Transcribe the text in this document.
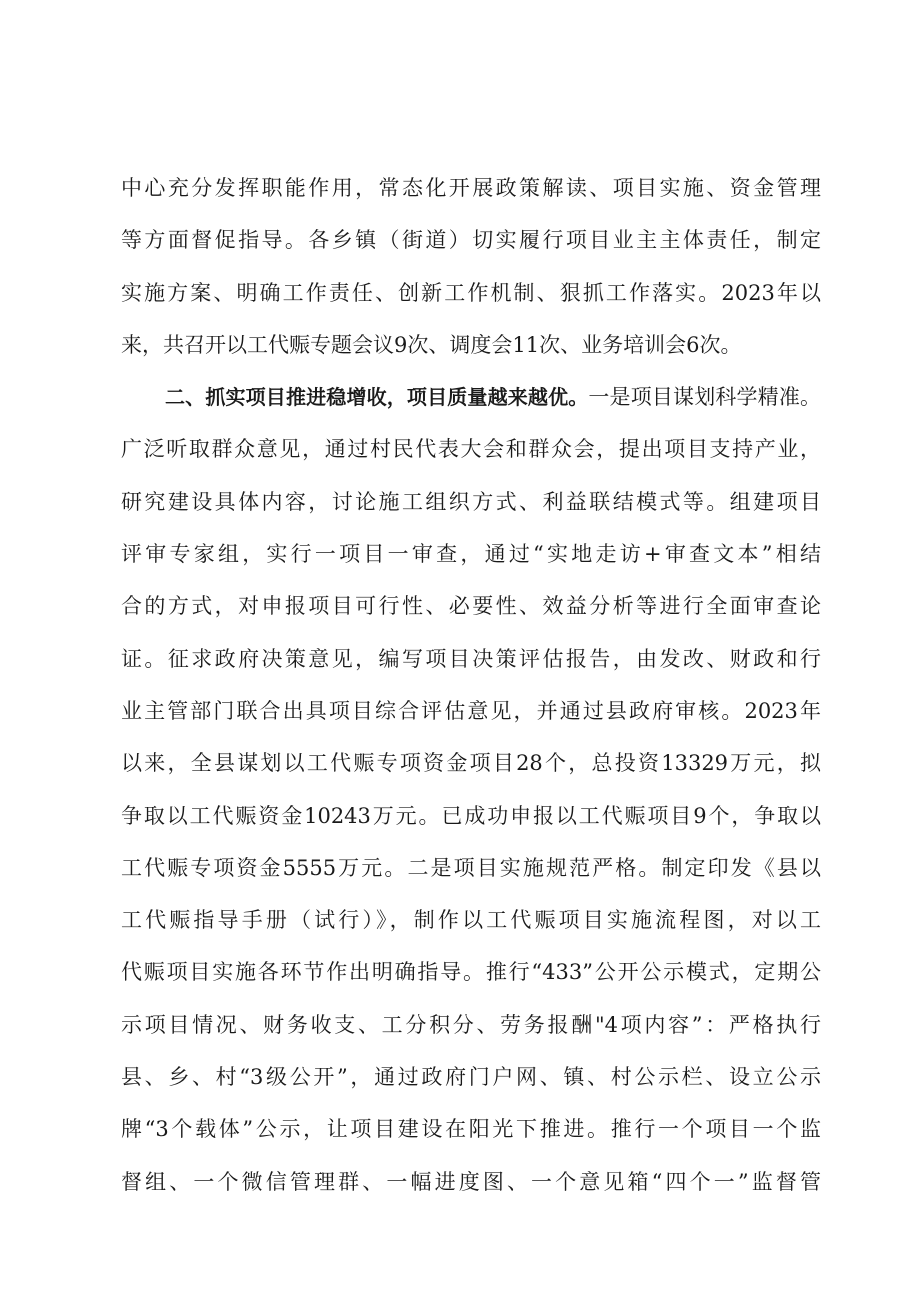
中心充分发挥职能作用，常态化开展政策解读、项目实施、资金管理
等方面督促指导。各乡镇（街道）切实履行项目业主主体责任，制定
实施方案、明确工作责任、创新工作机制、狠抓工作落实。2023年以
来，共召开以工代赈专题会议9次、调度会11次、业务培训会6次。
二、抓实项目推进稳增收，项目质量越来越优。一是项目谋划科学精准。
广泛听取群众意见，通过村民代表大会和群众会，提出项目支持产业，
研究建设具体内容，讨论施工组织方式、利益联结模式等。组建项目
评审专家组，实行一项目一审查，通过“实地走访+审查文本”相结
合的方式，对申报项目可行性、必要性、效益分析等进行全面审查论
证。征求政府决策意见，编写项目决策评估报告，由发改、财政和行
业主管部门联合出具项目综合评估意见，并通过县政府审核。2023年
以来，全县谋划以工代赈专项资金项目28个，总投资13329万元，拟
争取以工代赈资金10243万元。已成功申报以工代赈项目9个，争取以
工代赈专项资金5555万元。二是项目实施规范严格。制定印发《县以
工代赈指导手册（试行）》，制作以工代赈项目实施流程图，对以工
代赈项目实施各环节作出明确指导。推行“433”公开公示模式，定期公
示项目情况、财务收支、工分积分、劳务报酬"4项内容”：严格执行
县、乡、村“3级公开”，通过政府门户网、镇、村公示栏、设立公示
牌“3个载体”公示，让项目建设在阳光下推进。推行一个项目一个监
督组、一个微信管理群、一幅进度图、一个意见箱“四个一”监督管
